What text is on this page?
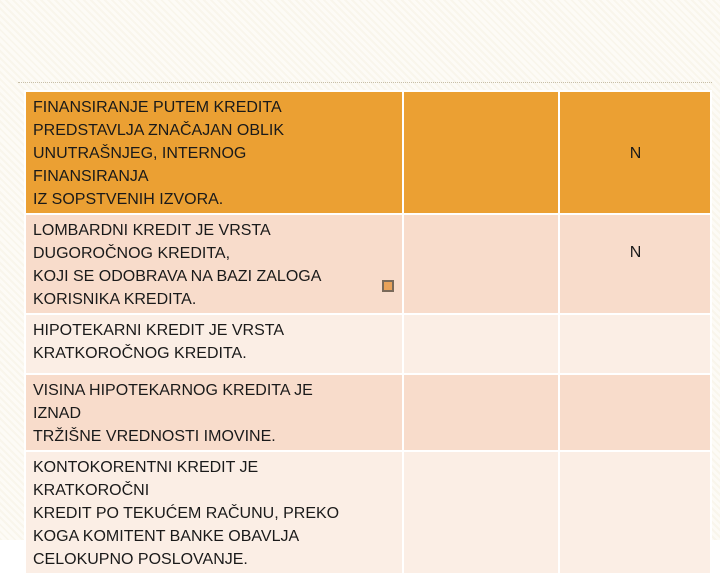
FINANSIRANJE PUTEM KREDITA
PREDSTAVLJA ZNAČAJAN OBLIK
UNUTRAŠNJEG, INTERNOG
FINANSIRANJA
IZ SOPSTVENIH IZVORA.		N

LOMBARDNI KREDIT JE VRSTA
DUGOROČNOG KREDITA,
KOJI SE ODOBRAVA NA BAZI ZALOGA
KORISNIKA KREDITA.		N

HIPOTEKARNI KREDIT JE VRSTA
KRATKOROČNOG KREDITA.		

VISINA HIPOTEKARNOG KREDITA JE
IZNAD
TRŽIŠNE VREDNOSTI IMOVINE.		

KONTOKORENTNI KREDIT JE
KRATKOROČNI
KREDIT PO TEKUĆEM RAČUNU, PREKO
KOGA KOMITENT BANKE OBAVLJA
CELOKUPNO POSLOVANJE.		
